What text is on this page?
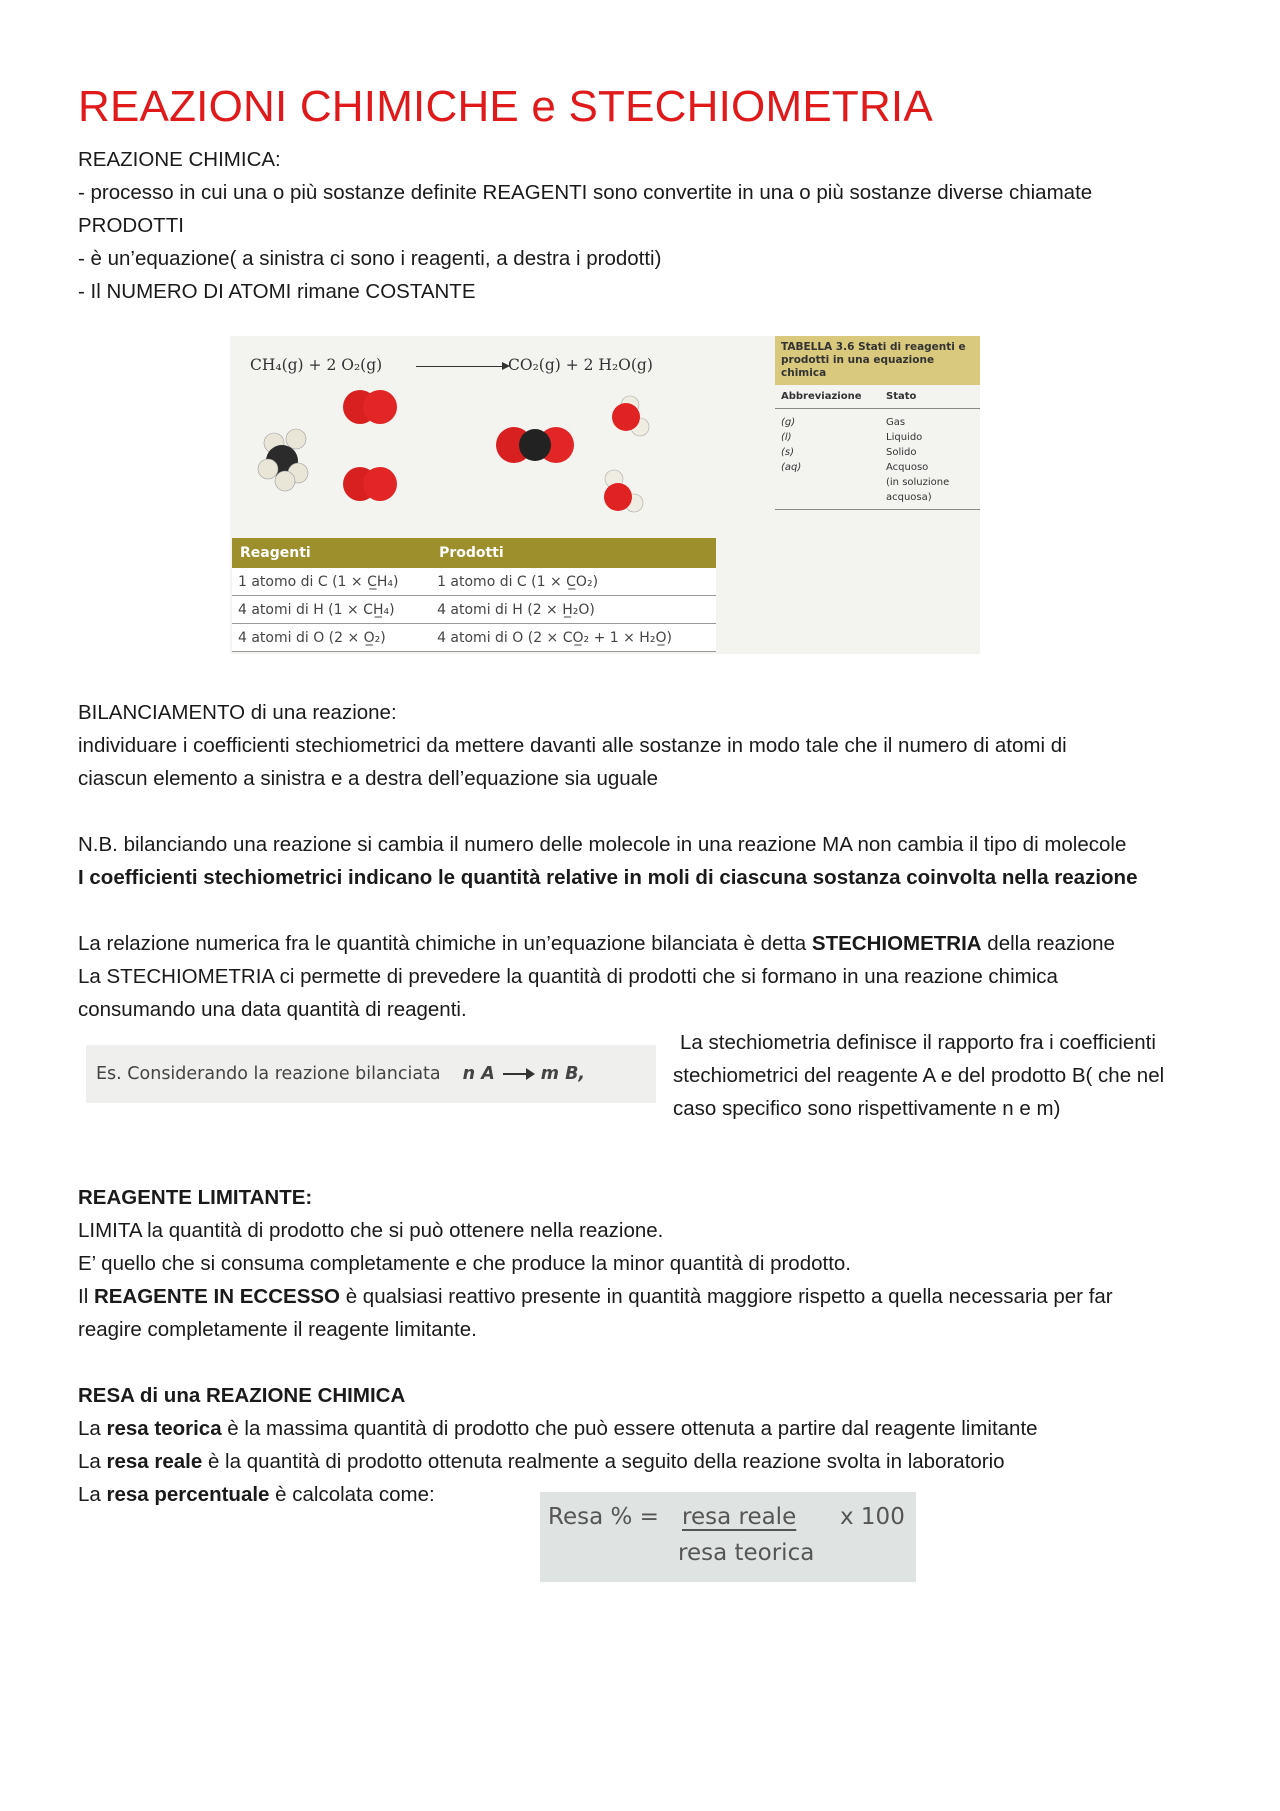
REAZIONI CHIMICHE e STECHIOMETRIA
REAZIONE CHIMICA:
- processo in cui una o più sostanze definite REAGENTI sono convertite in una o più sostanze diverse chiamate
PRODOTTI
- è un’equazione( a sinistra ci sono i reagenti, a destra i prodotti)
- Il NUMERO DI ATOMI rimane COSTANTE
CH₄(g) + 2 O₂(g)	CO₂(g) + 2 H₂O(g)
Reagenti	Prodotti
1 atomo di C (1 × C̲H₄)	1 atomo di C (1 × C̲O₂)
4 atomi di H (1 × CH̲₄)	4 atomi di H (2 × H̲₂O)
4 atomi di O (2 × O̲₂)	4 atomi di O (2 × CO̲₂ + 1 × H₂O̲)
TABELLA 3.6 Stati di reagenti e prodotti in una equazione chimica
Abbreviazione	Stato
(g)	Gas
(l)	Liquido
(s)	Solido
(aq)	Acquoso
(in soluzione
acquosa)
BILANCIAMENTO di una reazione:
individuare i coefficienti stechiometrici da mettere davanti alle sostanze in modo tale che il numero di atomi di
ciascun elemento a sinistra e a destra dell’equazione sia uguale
N.B. bilanciando una reazione si cambia il numero delle molecole in una reazione MA non cambia il tipo di molecole
I coefficienti stechiometrici indicano le quantità relative in moli di ciascuna sostanza coinvolta nella reazione
La relazione numerica fra le quantità chimiche in un’equazione bilanciata è detta STECHIOMETRIA della reazione
La STECHIOMETRIA ci permette di prevedere la quantità di prodotti che si formano in una reazione chimica
consumando una data quantità di reagenti.
Es. Considerando la reazione bilanciata n A	m B,
La stechiometria definisce il rapporto fra i coefficienti
stechiometrici del reagente A e del prodotto B( che nel
caso specifico sono rispettivamente n e m)
REAGENTE LIMITANTE:
LIMITA la quantità di prodotto che si può ottenere nella reazione.
E’ quello che si consuma completamente e che produce la minor quantità di prodotto.
Il REAGENTE IN ECCESSO è qualsiasi reattivo presente in quantità maggiore rispetto a quella necessaria per far
reagire completamente il reagente limitante.
RESA di una REAZIONE CHIMICA
La resa teorica è la massima quantità di prodotto che può essere ottenuta a partire dal reagente limitante
La resa reale è la quantità di prodotto ottenuta realmente a seguito della reazione svolta in laboratorio
La resa percentuale è calcolata come:
Resa % = resa reale x 100
resa teorica
